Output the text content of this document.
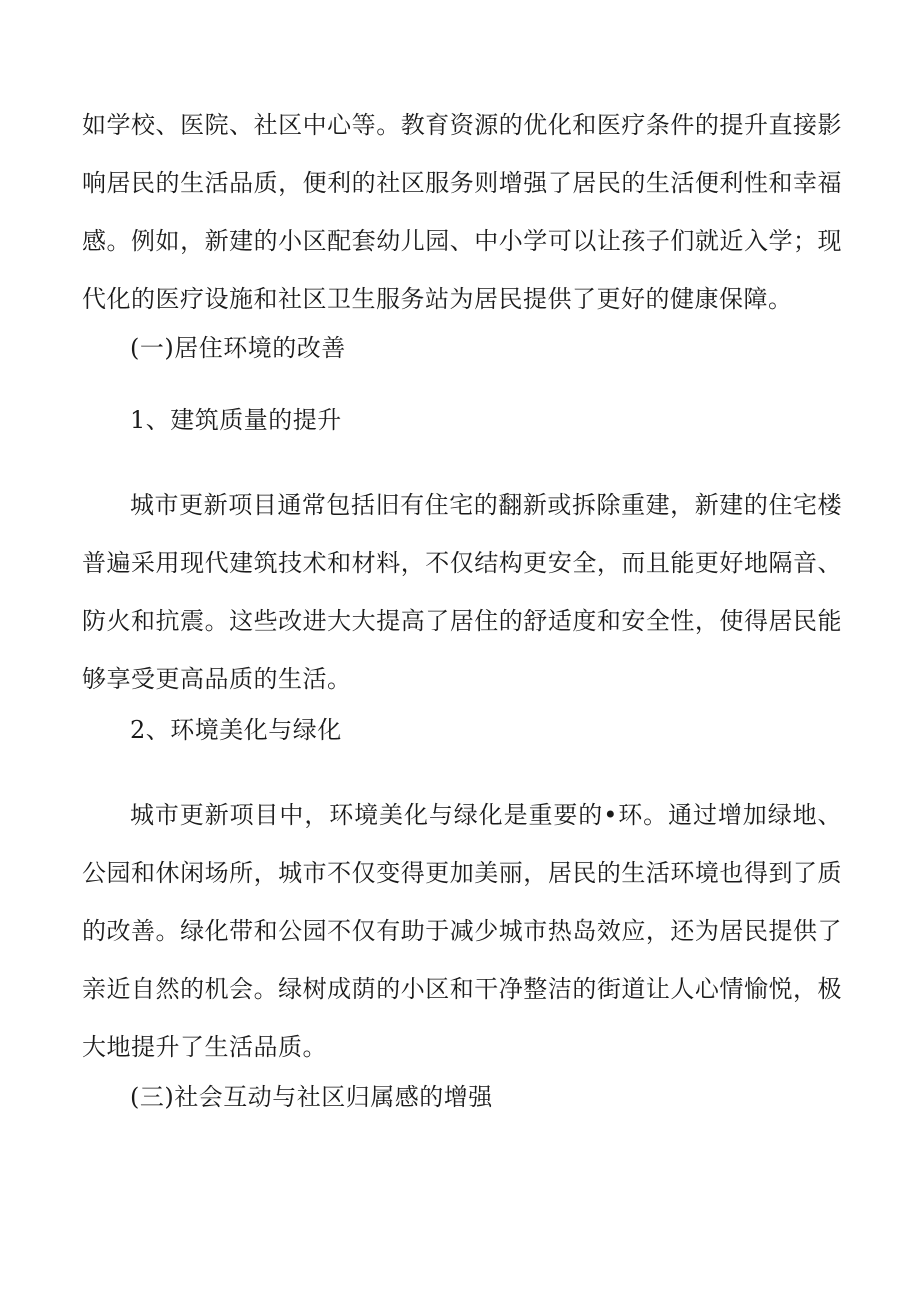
如学校、医院、社区中心等。教育资源的优化和医疗条件的提升直接影响居民的生活品质，便利的社区服务则增强了居民的生活便利性和幸福感。例如，新建的小区配套幼儿园、中小学可以让孩子们就近入学；现代化的医疗设施和社区卫生服务站为居民提供了更好的健康保障。

(一)居住环境的改善

1、建筑质量的提升

城市更新项目通常包括旧有住宅的翻新或拆除重建，新建的住宅楼普遍采用现代建筑技术和材料，不仅结构更安全，而且能更好地隔音、防火和抗震。这些改进大大提高了居住的舒适度和安全性，使得居民能够享受更高品质的生活。

2、环境美化与绿化

城市更新项目中，环境美化与绿化是重要的•环。通过增加绿地、公园和休闲场所，城市不仅变得更加美丽，居民的生活环境也得到了质的改善。绿化带和公园不仅有助于减少城市热岛效应，还为居民提供了亲近自然的机会。绿树成荫的小区和干净整洁的街道让人心情愉悦，极大地提升了生活品质。

(三)社会互动与社区归属感的增强
